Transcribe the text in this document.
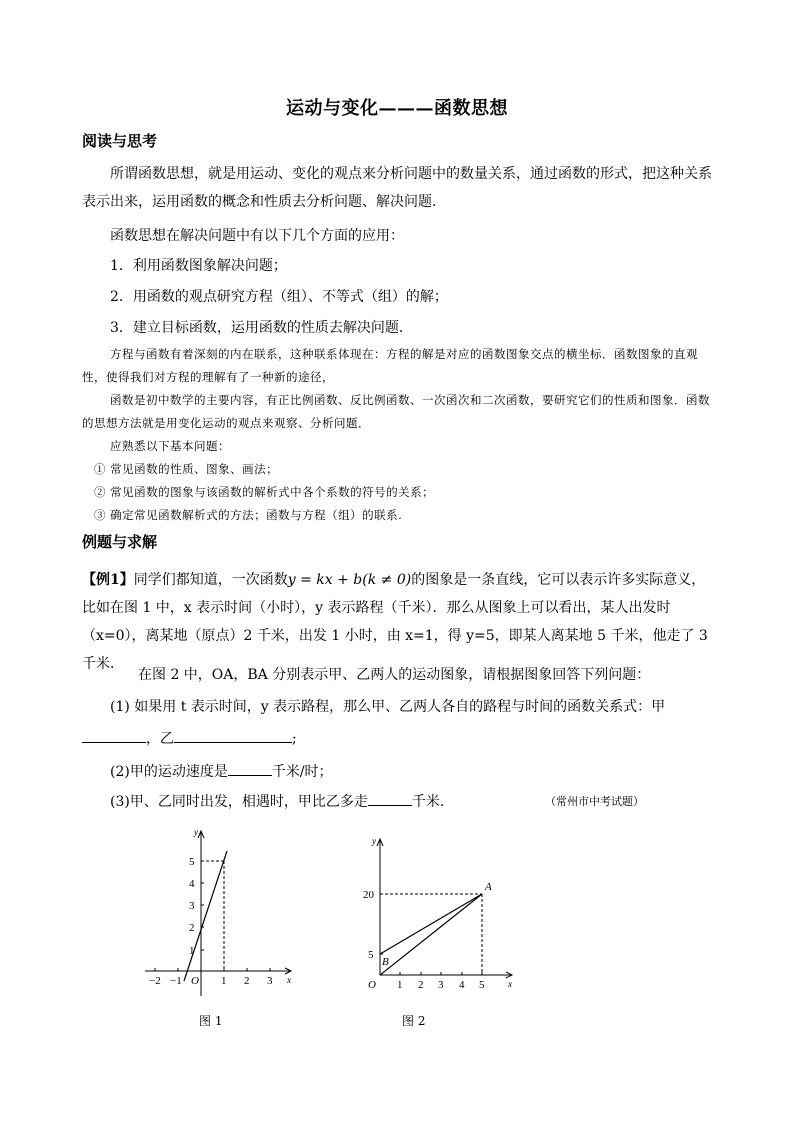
运动与变化———函数思想
阅读与思考
所谓函数思想，就是用运动、变化的观点来分析问题中的数量关系，通过函数的形式，把这种关系表示出来，运用函数的概念和性质去分析问题、解决问题.
函数思想在解决问题中有以下几个方面的应用：
1．利用函数图象解决问题；
2．用函数的观点研究方程（组）、不等式（组）的解；
3．建立目标函数，运用函数的性质去解决问题.
方程与函数有着深刻的内在联系，这种联系体现在：方程的解是对应的函数图象交点的横坐标．函数图象的直观性，使得我们对方程的理解有了一种新的途径，
函数是初中数学的主要内容，有正比例函数、反比例函数、一次函次和二次函数，要研究它们的性质和图象．函数的思想方法就是用变化运动的观点来观察、分析问题．
应熟悉以下基本问题：
① 常见函数的性质、图象、画法；
② 常见函数的图象与该函数的解析式中各个系数的符号的关系；
③ 确定常见函数解析式的方法；函数与方程（组）的联系.
例题与求解
【例1】同学们都知道，一次函数y = kx + b(k ≠ 0)的图象是一条直线，它可以表示许多实际意义，比如在图 1 中，x 表示时间（小时），y 表示路程（千米）．那么从图象上可以看出，某人出发时（x=0），离某地（原点）2 千米，出发 1 小时，由 x=1，得 y=5，即某人离某地 5 千米，他走了 3 千米．
在图 2 中，OA，BA 分别表示甲、乙两人的运动图象，请根据图象回答下列问题：
(1) 如果用 t 表示时间，y 表示路程，那么甲、乙两人各自的路程与时间的函数关系式：甲
，乙	;
(2)甲的运动速度是	千米/时；
(3)甲、乙同时出发，相遇时，甲比乙多走	千米.	（常州市中考试题）
−2 −1	1 2 3
1
2
3
4
5
O	x
y
图 1
1 2 3 4 5
5
20
O
B
A
x
y
图 2
